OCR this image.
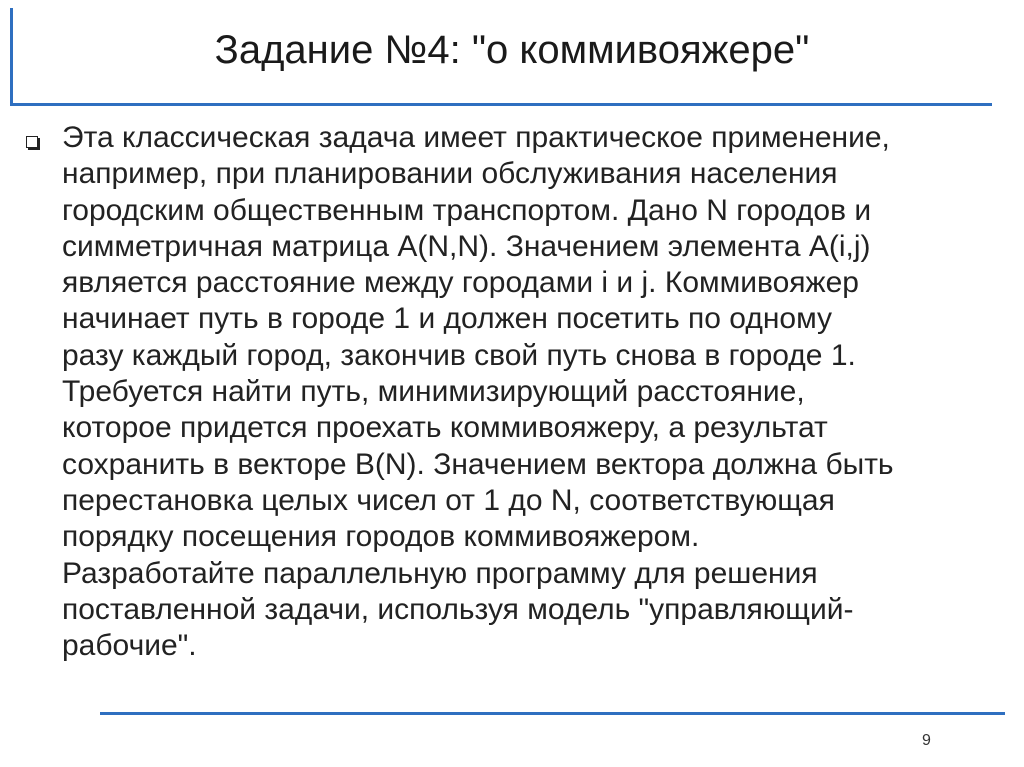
Задание №4: "о коммивояжере"
Эта классическая задача имеет практическое применение,
например, при планировании обслуживания населения
городским общественным транспортом. Дано N городов и
симметричная матрица A(N,N). Значением элемента A(i,j)
является расстояние между городами i и j. Коммивояжер
начинает путь в городе 1 и должен посетить по одному
разу каждый город, закончив свой путь снова в городе 1.
Требуется найти путь, минимизирующий расстояние,
которое придется проехать коммивояжеру, а результат
сохранить в векторе B(N). Значением вектора должна быть
перестановка целых чисел от 1 до N, соответствующая
порядку посещения городов коммивояжером.
Разработайте параллельную программу для решения
поставленной задачи, используя модель "управляющий-
рабочие".
9
